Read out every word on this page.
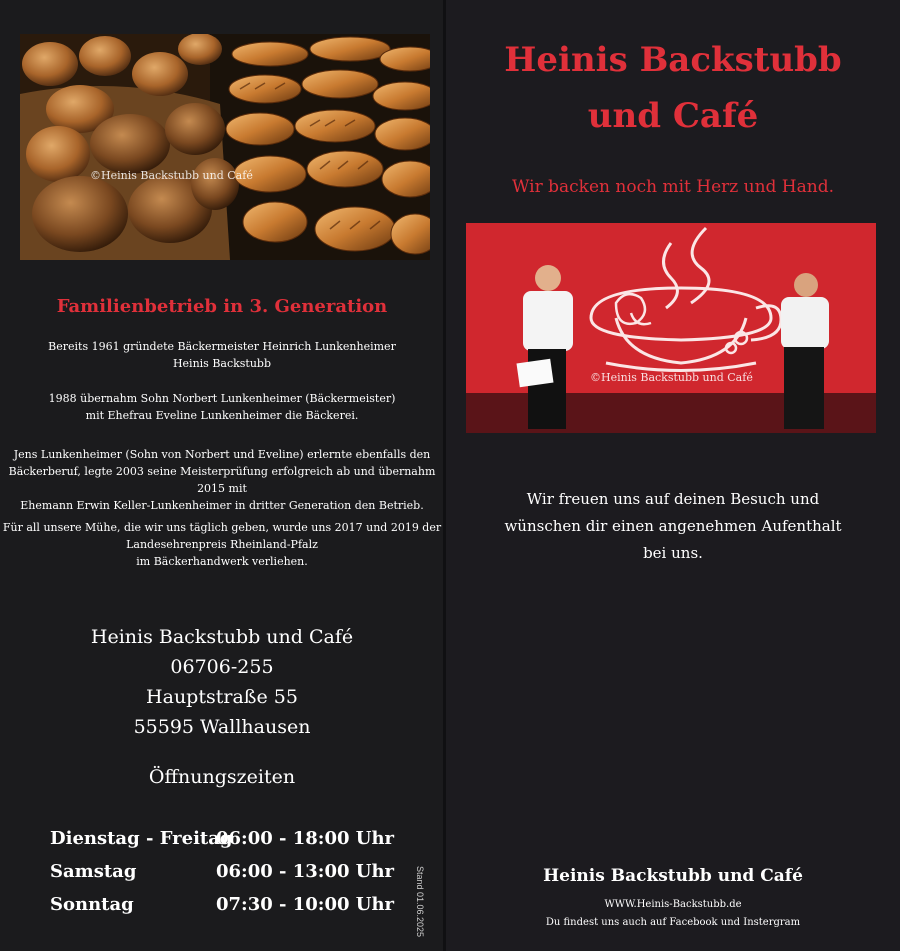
©Heinis Backstubb und Café
Familienbetrieb in 3. Generation
Bereits 1961 gründete Bäckermeister Heinrich Lunkenheimer
Heinis Backstubb
1988 übernahm Sohn Norbert Lunkenheimer (Bäckermeister)
mit Ehefrau Eveline Lunkenheimer die Bäckerei.
Jens Lunkenheimer (Sohn von Norbert und Eveline) erlernte ebenfalls den
Bäckerberuf, legte 2003 seine Meisterprüfung erfolgreich ab und übernahm 2015 mit
Ehemann Erwin Keller-Lunkenheimer in dritter Generation den Betrieb.
Für all unsere Mühe, die wir uns täglich geben, wurde uns 2017 und 2019 der
Landesehrenpreis Rheinland-Pfalz
im Bäckerhandwerk verliehen.
Heinis Backstubb und Café
06706-255
Hauptstraße 55
55595 Wallhausen
Öffnungszeiten
Dienstag - Freitag
06:00 - 18:00 Uhr
Samstag	06:00 - 13:00 Uhr
Sonntag	07:30 - 10:00 Uhr Stand 01.06.2025
Heinis Backstubb
und Café
Wir backen noch mit Herz und Hand.
©Heinis Backstubb und Café
Wir freuen uns auf deinen Besuch und
wünschen dir einen angenehmen Aufenthalt
bei uns.
Heinis Backstubb und Café
WWW.Heinis-Backstubb.de
Du findest uns auch auf Facebook und Instergram
